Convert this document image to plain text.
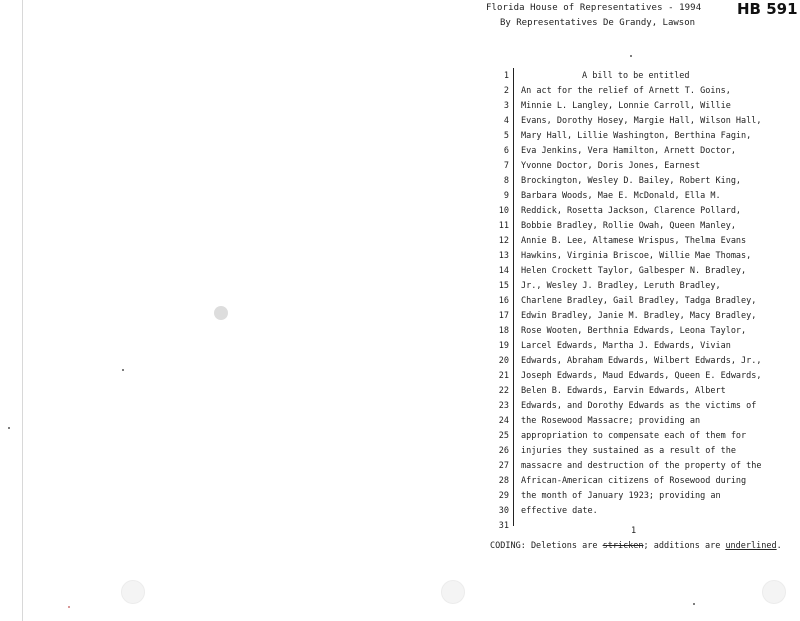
Florida House of Representatives - 1994
By Representatives De Grandy, Lawson
HB 591
1
2
3
4
5
6
7
8
9
10
11
12
13
14
15
16
17
18
19
20
21
22
23
24
25
26
27
28
29
30
31
A bill to be entitled
An act for the relief of Arnett T. Goins,
Minnie L. Langley, Lonnie Carroll, Willie
Evans, Dorothy Hosey, Margie Hall, Wilson Hall,
Mary Hall, Lillie Washington, Berthina Fagin,
Eva Jenkins, Vera Hamilton, Arnett Doctor,
Yvonne Doctor, Doris Jones, Earnest
Brockington, Wesley D. Bailey, Robert King,
Barbara Woods, Mae E. McDonald, Ella M.
Reddick, Rosetta Jackson, Clarence Pollard,
Bobbie Bradley, Rollie Owah, Queen Manley,
Annie B. Lee, Altamese Wrispus, Thelma Evans
Hawkins, Virginia Briscoe, Willie Mae Thomas,
Helen Crockett Taylor, Galbesper N. Bradley,
Jr., Wesley J. Bradley, Leruth Bradley,
Charlene Bradley, Gail Bradley, Tadga Bradley,
Edwin Bradley, Janie M. Bradley, Macy Bradley,
Rose Wooten, Berthnia Edwards, Leona Taylor,
Larcel Edwards, Martha J. Edwards, Vivian
Edwards, Abraham Edwards, Wilbert Edwards, Jr.,
Joseph Edwards, Maud Edwards, Queen E. Edwards,
Belen B. Edwards, Earvin Edwards, Albert
Edwards, and Dorothy Edwards as the victims of
the Rosewood Massacre; providing an
appropriation to compensate each of them for
injuries they sustained as a result of the
massacre and destruction of the property of the
African-American citizens of Rosewood during
the month of January 1923; providing an
effective date.
1
CODING: Deletions are stricken; additions are underlined.
